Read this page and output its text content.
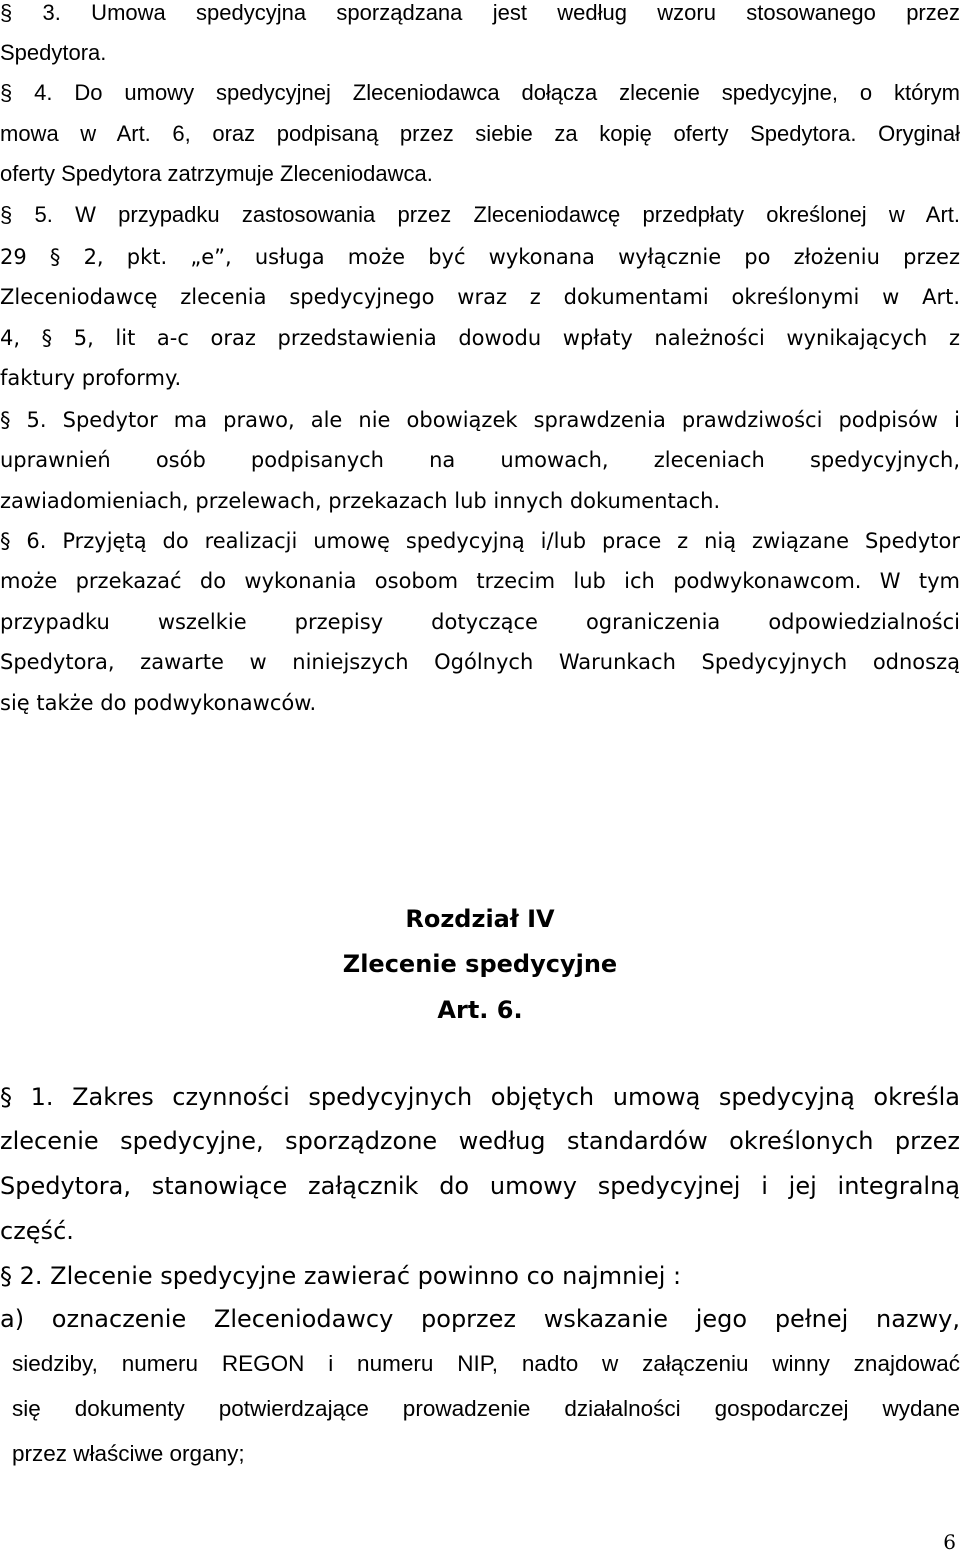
§ 3. Umowa spedycyjna sporządzana jest według wzoru stosowanego przez

Spedytora.

§ 4. Do umowy spedycyjnej Zleceniodawca dołącza zlecenie spedycyjne, o którym

mowa w Art. 6, oraz podpisaną przez siebie za kopię oferty Spedytora. Oryginał

oferty Spedytora zatrzymuje Zleceniodawca.

§ 5. W przypadku zastosowania przez Zleceniodawcę przedpłaty określonej w Art.

29 § 2, pkt. „e”, usługa może być wykonana wyłącznie po złożeniu przez

Zleceniodawcę zlecenia spedycyjnego wraz z dokumentami określonymi w Art.

4, § 5, lit a-c oraz przedstawienia dowodu wpłaty należności wynikających z

faktury proformy.

§ 5. Spedytor ma prawo, ale nie obowiązek sprawdzenia prawdziwości podpisów i

uprawnień osób podpisanych na umowach, zleceniach spedycyjnych,

zawiadomieniach, przelewach, przekazach lub innych dokumentach.

§ 6. Przyjętą do realizacji umowę spedycyjną i/lub prace z nią związane Spedytor

może przekazać do wykonania osobom trzecim lub ich podwykonawcom. W tym

przypadku wszelkie przepisy dotyczące ograniczenia odpowiedzialności

Spedytora, zawarte w niniejszych Ogólnych Warunkach Spedycyjnych odnoszą

się także do podwykonawców.

Rozdział IV
Zlecenie spedycyjne
Art. 6.

§ 1. Zakres czynności spedycyjnych objętych umową spedycyjną określa

zlecenie spedycyjne, sporządzone według standardów określonych przez

Spedytora, stanowiące załącznik do umowy spedycyjnej i jej integralną

część.

§ 2. Zlecenie spedycyjne zawierać powinno co najmniej :

a) oznaczenie Zleceniodawcy poprzez wskazanie jego pełnej nazwy,

siedziby, numeru REGON i numeru NIP, nadto w załączeniu winny znajdować

się dokumenty potwierdzające prowadzenie działalności gospodarczej wydane

przez właściwe organy;

6
